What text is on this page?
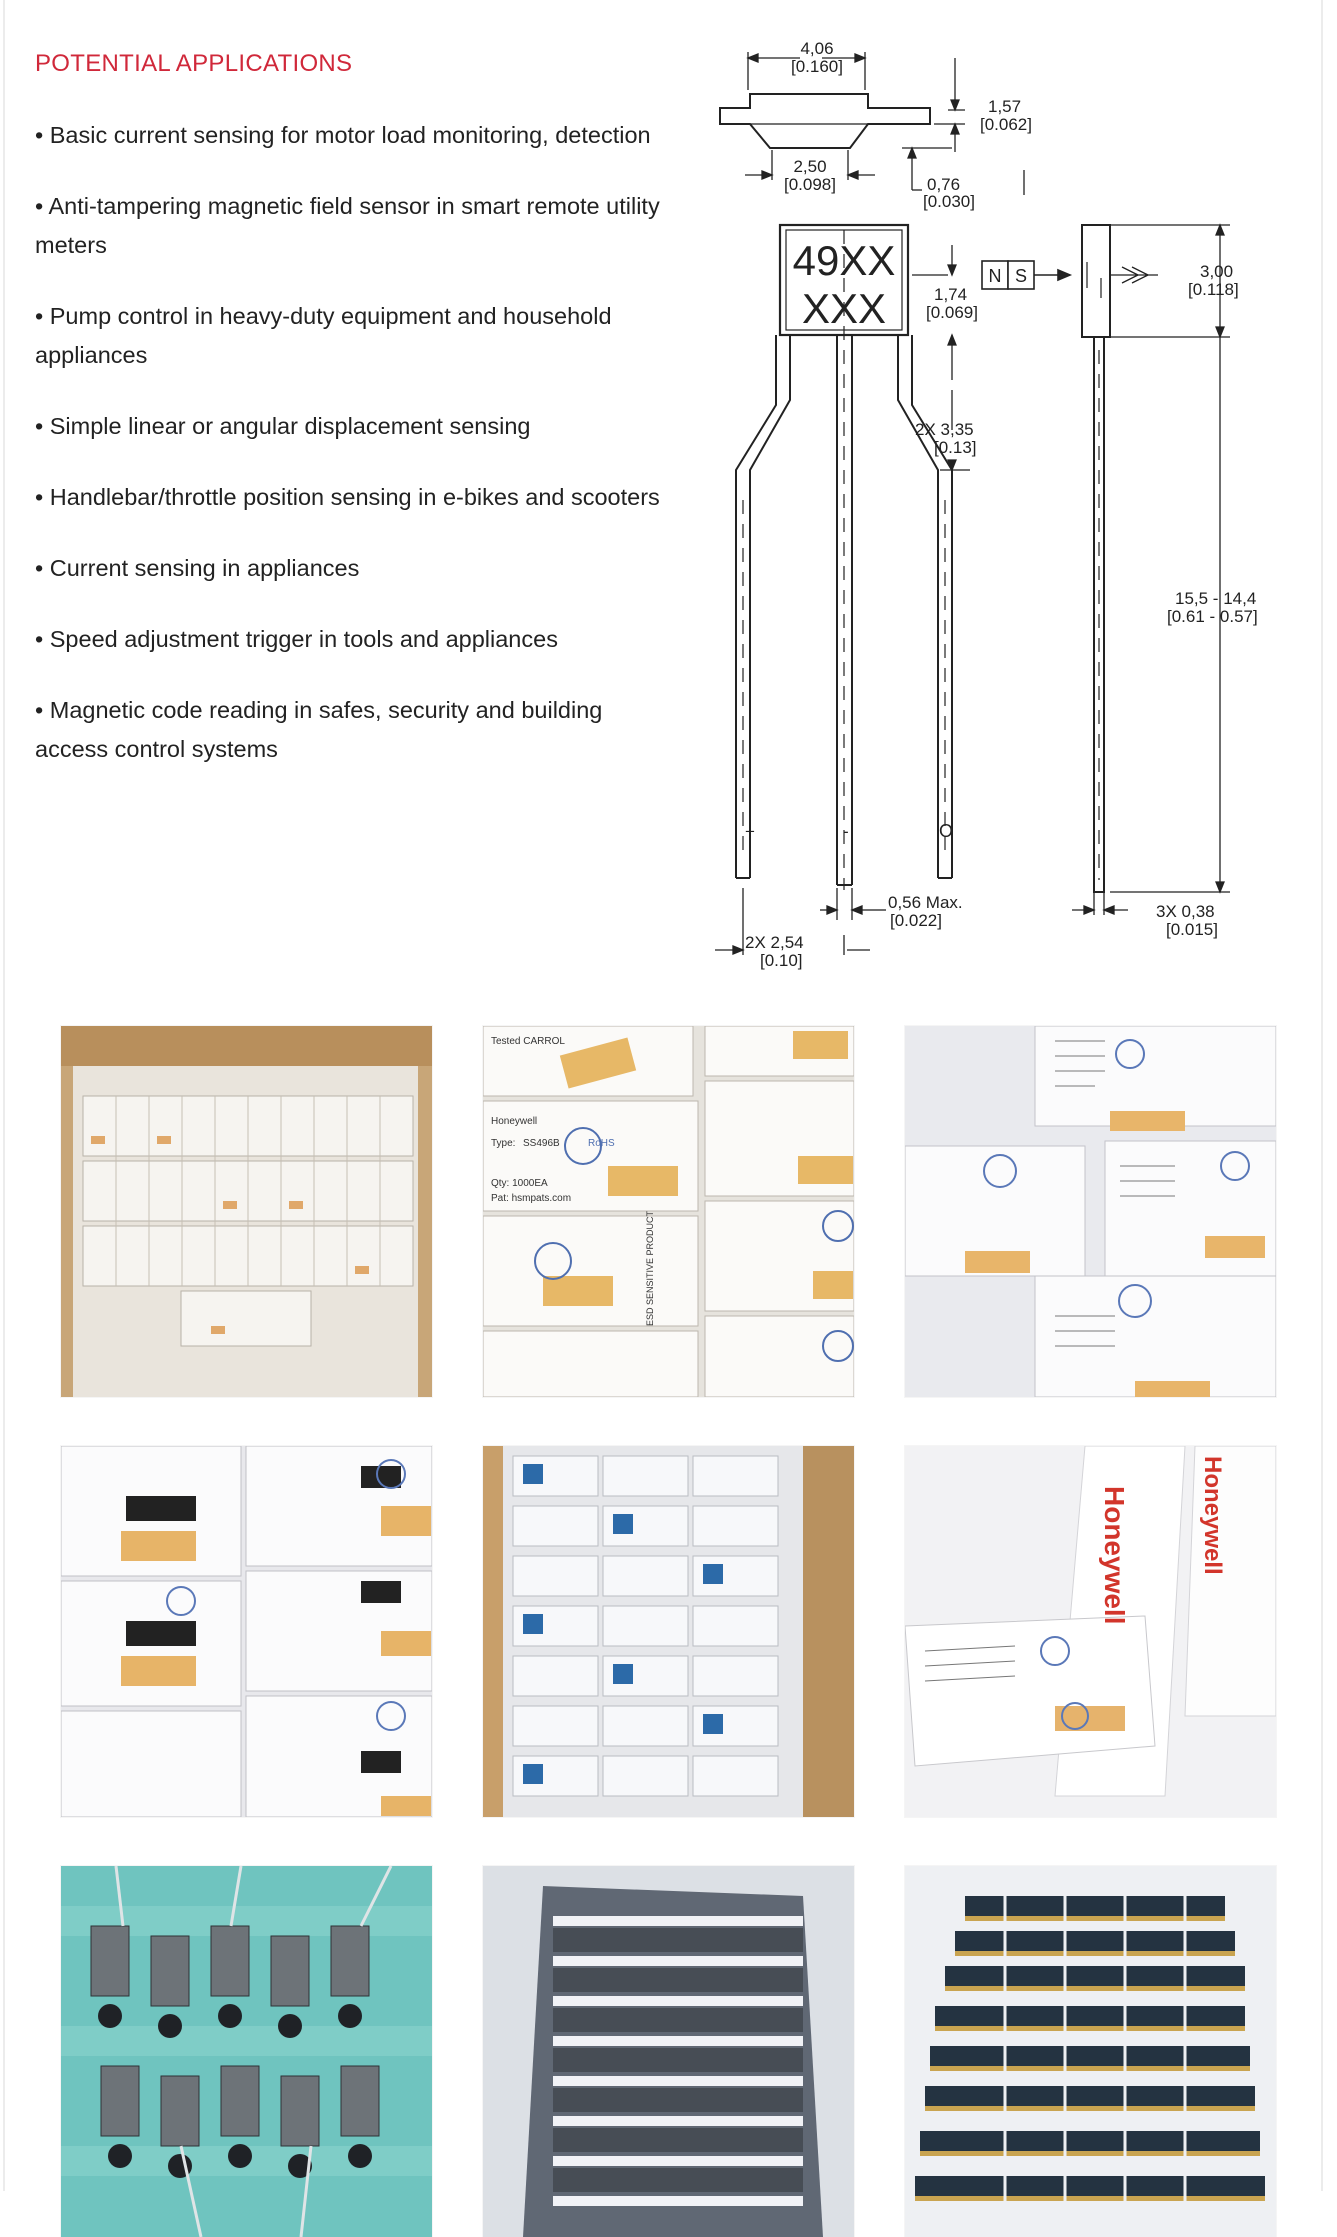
POTENTIAL APPLICATIONS
• Basic current sensing for motor load monitoring, detection
• Anti-tampering magnetic field sensor in smart remote utility meters
• Pump control in heavy-duty equipment and household appliances
• Simple linear or angular displacement sensing
• Handlebar/throttle position sensing in e-bikes and scooters
• Current sensing in appliances
• Speed adjustment trigger in tools and appliances
• Magnetic code reading in safes, security and building access control systems
4,06
[0.160]
1,57
[0.062]
2,50
[0.098]	0,76
[0.030]
49XX
XXX	1,74
[0.069]
N S
2X 3,35
[0.13]
+	-	O
0,56 Max.
[0.022]
2X 2,54
[0.10]
3,00
[0.118]
15,5 - 14,4
[0.61 - 0.57]
3X 0,38
[0.015]
Tested CARROL
Honeywell
Type: SS496B
Qty: 1000EA
Pat: hsmpats.com
RoHS
ESD SENSITIVE PRODUCT
Honeywell	Honeywell
